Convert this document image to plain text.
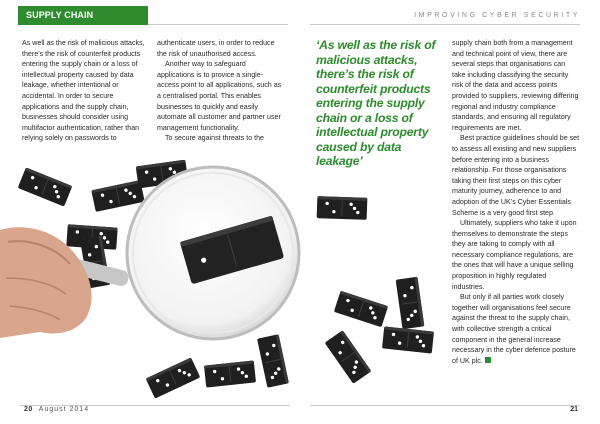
SUPPLY CHAIN MANAGEMENT
IMPROVING CYBER SECURITY

As well as the risk of malicious attacks, there’s the risk of counterfeit products entering the supply chain or a loss of intellectual property caused by data leakage, whether intentional or accidental. In order to secure applications and the supply chain, businesses should consider using multifactor authentication, rather than relying solely on passwords to

authenticate users, in order to reduce the risk of unauthorised access.

Another way to safeguard applications is to provice a single-access point to all applications, such as a centralised portal. This enables businesses to quickly and easily automate all customer and partner user management functionality.

To secure against threats to the

‘As well as the risk of malicious attacks, there’s the risk of counterfeit products entering the supply chain or a loss of intellectual property caused by data leakage’

supply chain both from a management and technical point of view, there are several steps that organisations can take including classifying the security risk of the data and access points provided to suppliers, reviewing differing regional and industry compliance standards, and ensuring all regulatory requirements are met.

Best practice guidelines should be set to assess all existing and new suppliers before entering into a business relationship. For those organisations taking their first steps on this cyber maturity journey, adherence to and adoption of the UK’s Cyber Essentials Scheme is a very good first step.

Ultimately, suppliers who take it upon themselves to demonstrate the steps they are taking to comply with all necessary compliance regulations, are the ones that will have a unique selling proposition in highly regulated industries.

But only if all parties work closely together will organisations feel secure against the threat to the supply chain, with collective strength a critical component in the general increase necessary in the cyber defence posture of UK plc.

20 August 2014	21
